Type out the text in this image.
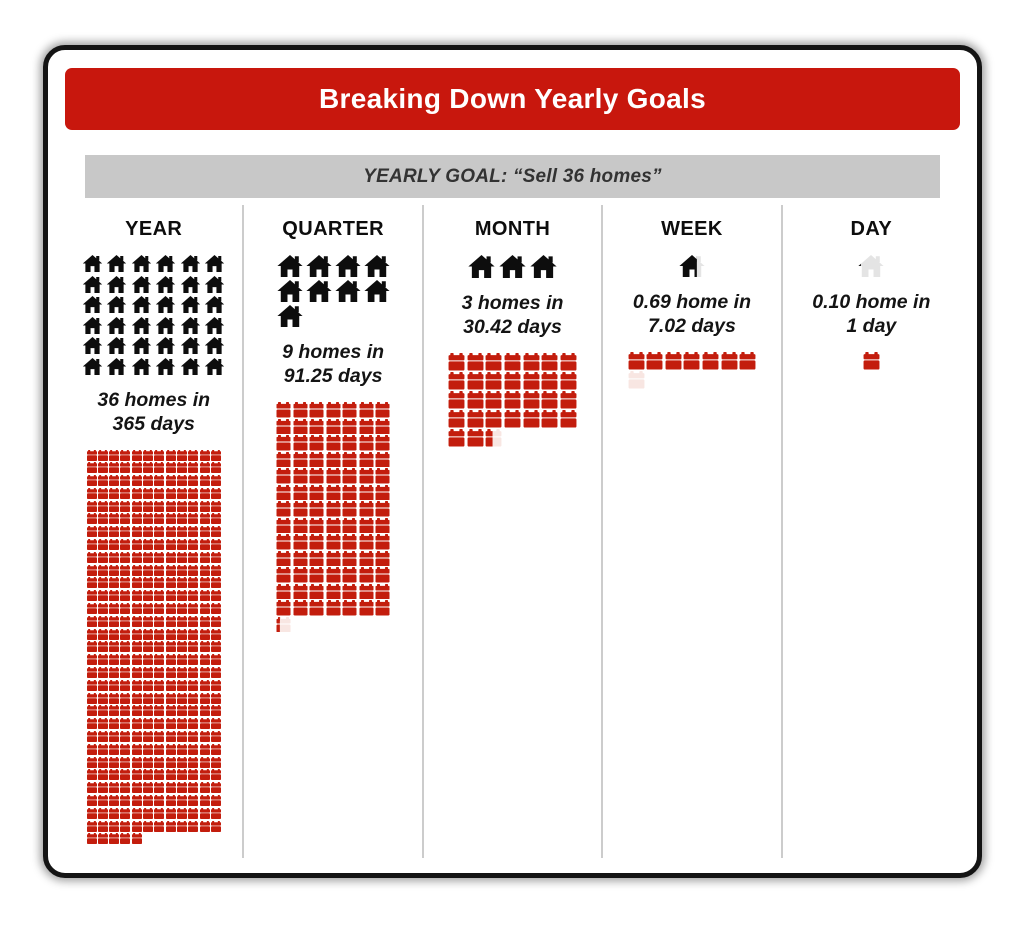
Breaking Down Yearly Goals
YEARLY GOAL: “Sell 36 homes”
YEAR
36 homes in
365 days
QUARTER
9 homes in
91.25 days
MONTH
3 homes in
30.42 days
WEEK
0.69 home in
7.02 days
DAY
0.10 home in
1 day
